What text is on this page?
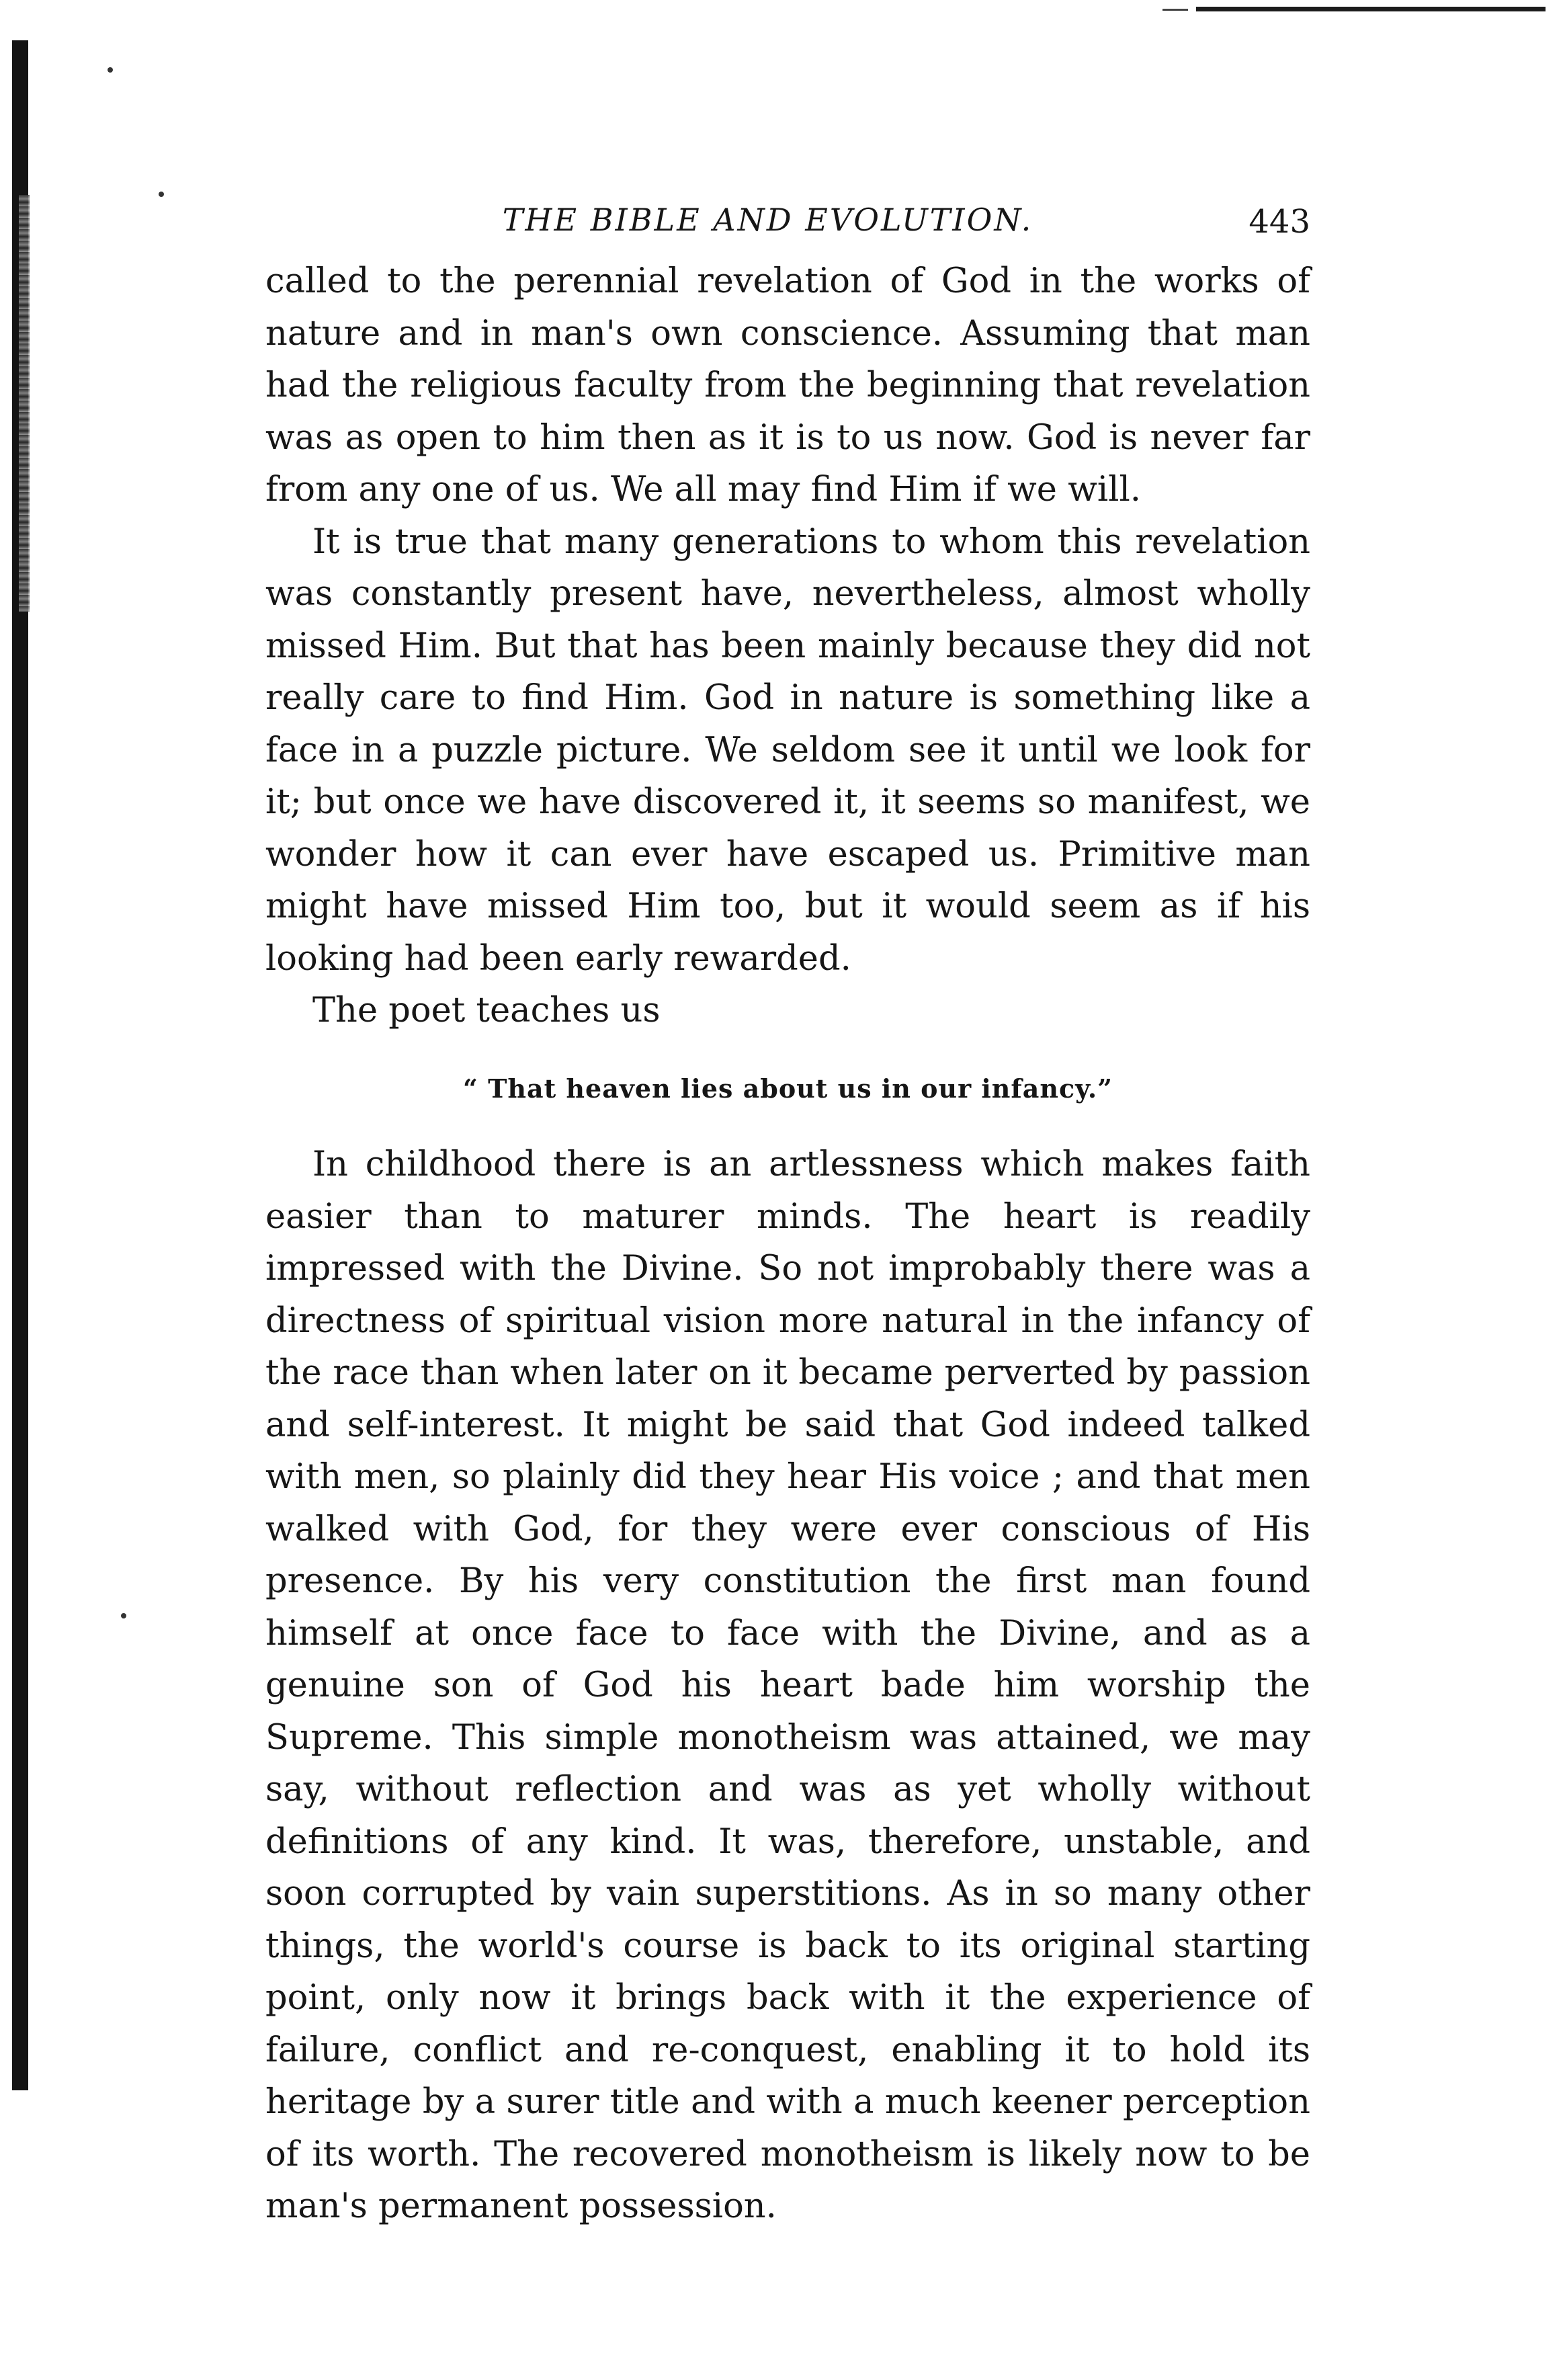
THE BIBLE AND EVOLUTION.	443

called to the perennial revelation of God in the works of nature and in man's own conscience. Assuming that man had the religious faculty from the beginning that revelation was as open to him then as it is to us now. God is never far from any one of us. We all may find Him if we will.

It is true that many generations to whom this revelation was constantly present have, nevertheless, almost wholly missed Him. But that has been mainly because they did not really care to find Him. God in nature is something like a face in a puzzle picture. We seldom see it until we look for it; but once we have discovered it, it seems so manifest, we wonder how it can ever have escaped us. Primitive man might have missed Him too, but it would seem as if his looking had been early rewarded.

The poet teaches us

“ That heaven lies about us in our infancy.”

In childhood there is an artlessness which makes faith easier than to maturer minds. The heart is readily impressed with the Divine. So not improbably there was a directness of spiritual vision more natural in the infancy of the race than when later on it became perverted by passion and self-interest. It might be said that God indeed talked with men, so plainly did they hear His voice ; and that men walked with God, for they were ever conscious of His presence. By his very constitution the first man found himself at once face to face with the Divine, and as a genuine son of God his heart bade him worship the Supreme. This simple monotheism was attained, we may say, without reflection and was as yet wholly without definitions of any kind. It was, therefore, unstable, and soon corrupted by vain superstitions. As in so many other things, the world's course is back to its original starting point, only now it brings back with it the experience of failure, conflict and re-conquest, enabling it to hold its heritage by a surer title and with a much keener perception of its worth. The recovered monotheism is likely now to be man's permanent possession.
